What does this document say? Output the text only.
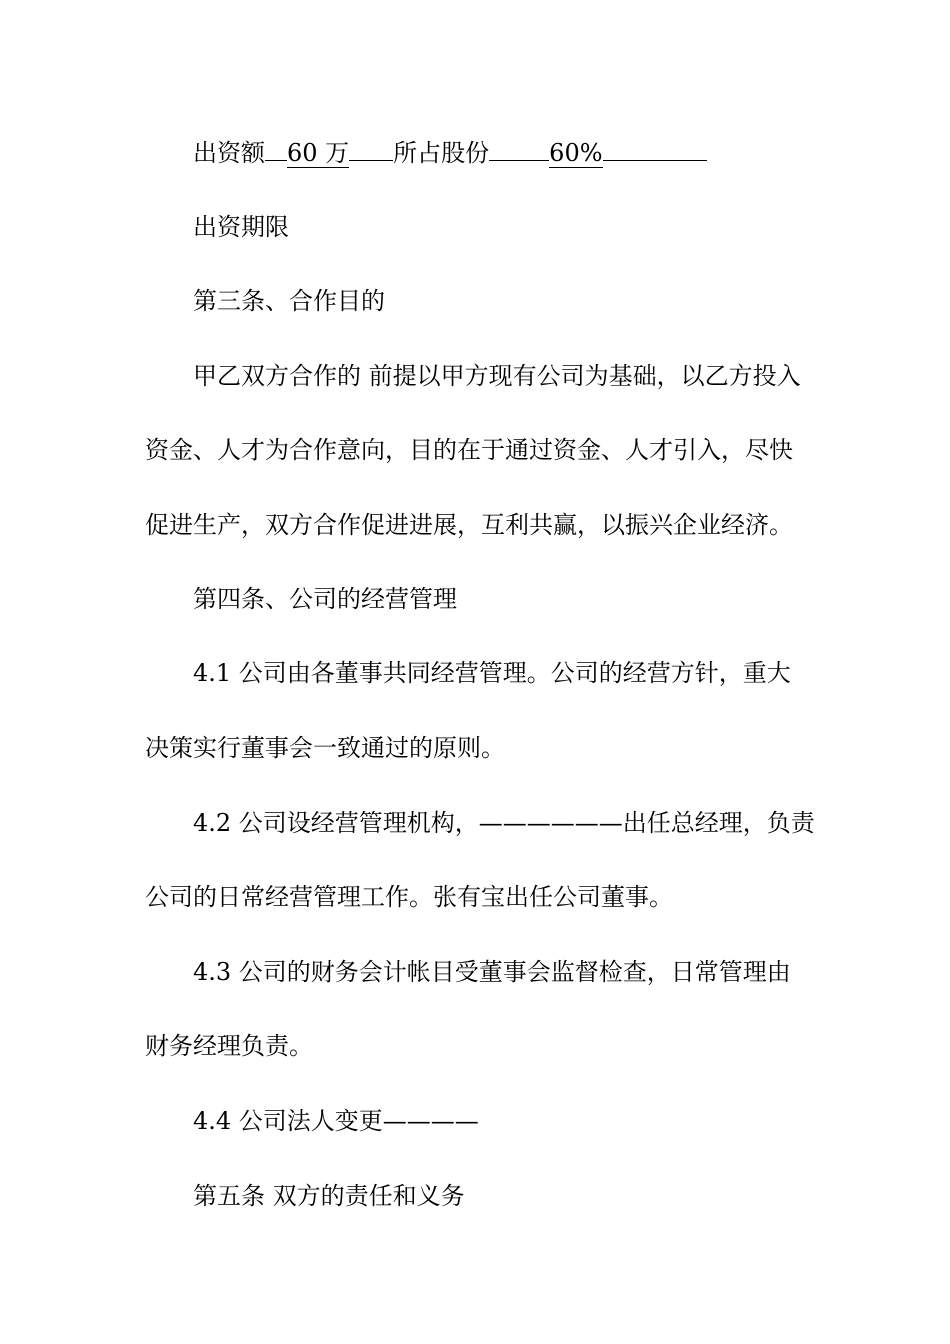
出资额 60 万 所占股份	60%
出资期限
第三条、合作目的
甲乙双方合作的 前提以甲方现有公司为基础，以乙方投入
资金、人才为合作意向，目的在于通过资金、人才引入，尽快
促进生产，双方合作促进进展，互利共赢，以振兴企业经济。
第四条、公司的经营管理
4.1 公司由各董事共同经营管理。公司的经营方针，重大
决策实行董事会一致通过的原则。
4.2 公司设经营管理机构，——————出任总经理，负责
公司的日常经营管理工作。张有宝出任公司董事。
4.3 公司的财务会计帐目受董事会监督检查，日常管理由
财务经理负责。
4.4 公司法人变更————
第五条 双方的责任和义务
